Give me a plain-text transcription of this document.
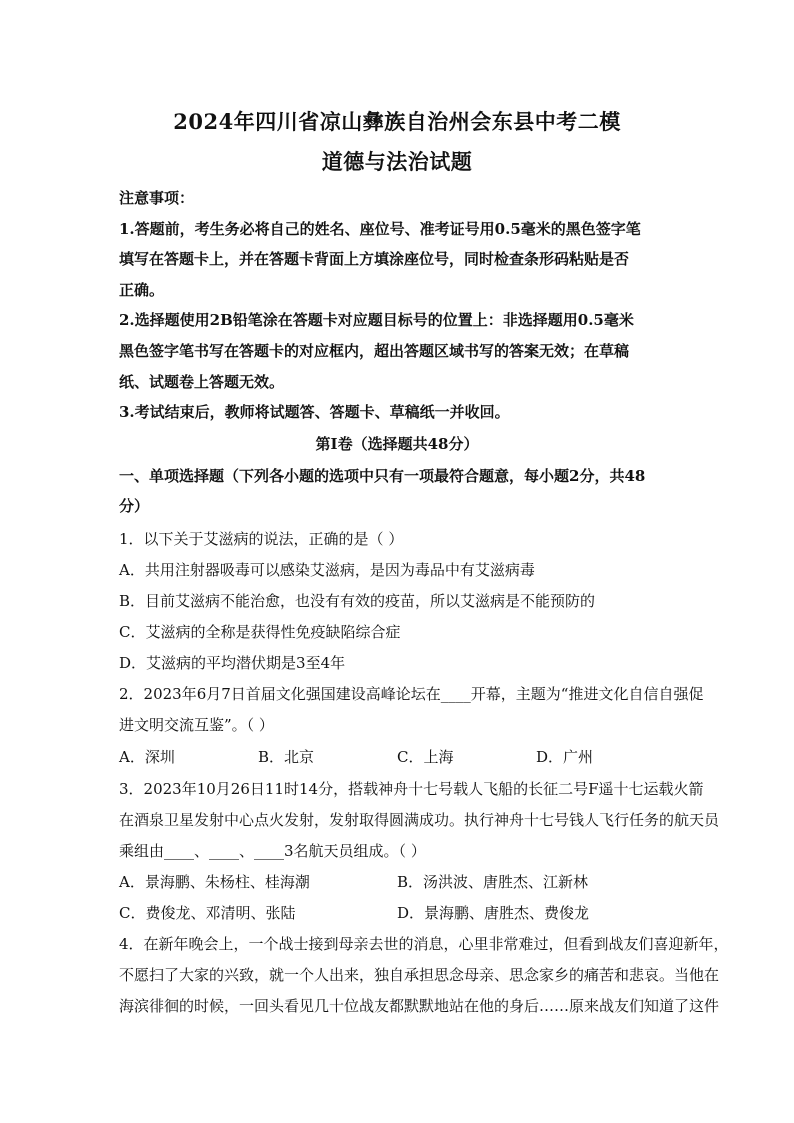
2024年四川省凉山彝族自治州会东县中考二模
道德与法治试题
注意事项：
1.答题前，考生务必将自己的姓名、座位号、准考证号用0.5毫米的黑色签字笔
填写在答题卡上，并在答题卡背面上方填涂座位号，同时检查条形码粘贴是否
正确。
2.选择题使用2B铅笔涂在答题卡对应题目标号的位置上：非选择题用0.5毫米
黑色签字笔书写在答题卡的对应框内，超出答题区域书写的答案无效；在草稿
纸、试题卷上答题无效。
3.考试结束后，教师将试题答、答题卡、草稿纸一并收回。
第Ⅰ卷（选择题共48分）
一、单项选择题（下列各小题的选项中只有一项最符合题意，每小题2分，共48
分）
1．以下关于艾滋病的说法，正确的是（ ）
A．共用注射器吸毒可以感染艾滋病，是因为毒品中有艾滋病毒
B．目前艾滋病不能治愈，也没有有效的疫苗，所以艾滋病是不能预防的
C．艾滋病的全称是获得性免疫缺陷综合症
D．艾滋病的平均潜伏期是3至4年
2．2023年6月7日首届文化强国建设高峰论坛在____开幕，主题为“推进文化自信自强促
进文明交流互鉴”。（ ）
A．深圳	B．北京	C．上海	D．广州
3．2023年10月26日11时14分，搭载神舟十七号载人飞船的长征二号F遥十七运载火箭
在酒泉卫星发射中心点火发射，发射取得圆满成功。执行神舟十七号钱人飞行任务的航天员
乘组由____、____、____3名航天员组成。（ ）
A．景海鹏、朱杨柱、桂海潮	B．汤洪波、唐胜杰、江新林
C．费俊龙、邓清明、张陆	D．景海鹏、唐胜杰、费俊龙
4．在新年晚会上，一个战士接到母亲去世的消息，心里非常难过，但看到战友们喜迎新年，
不愿扫了大家的兴致，就一个人出来，独自承担思念母亲、思念家乡的痛苦和悲哀。当他在
海滨徘徊的时候，一回头看见几十位战友都默默地站在他的身后……原来战友们知道了这件
